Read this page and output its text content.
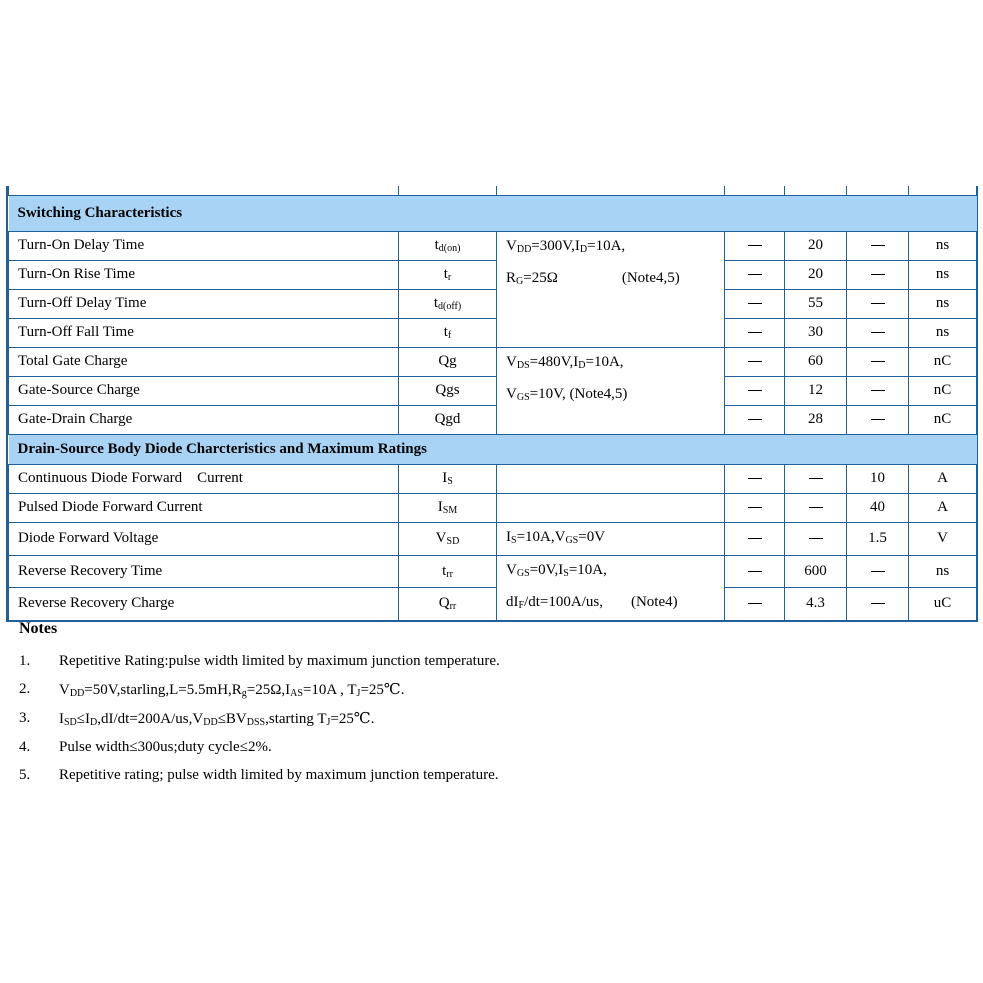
Switching Characteristics						
Turn-On Delay Time	$t_{d(on)}$	$V_{DD}=300V,I_D=10A$,
$R_G=25\Omega$ (Note4,5)		20		ns
Turn-On Rise Time	$t_r$			20		ns
Turn-Off Delay Time	$t_{d(off)}$			55		ns
Turn-Off Fall Time	$t_f$			30		ns
Total Gate Charge	Qg	$V_{DS}=480V,I_D=10A$,
$V_{GS}=10V$, (Note4,5)		60		nC
Gate-Source Charge	Qgs			12		nC
Gate-Drain Charge	Qgd			28		nC
Drain-Source Body Diode Charcteristics and Maximum Ratings						
Continuous Diode Forward    Current	$I_S$				10	A
Pulsed Diode Forward Current	$I_{SM}$				40	A
Diode Forward Voltage	$V_{SD}$	$I_S=10A,V_{GS}=0V$			1.5	V
Reverse Recovery Time	$t_{rr}$	$V_{GS}=0V,I_S=10A$,
$dI_F/dt=100A/us$, (Note4)		600		ns
Reverse Recovery Charge	$Q_{rr}$			4.3		uC
Notes
1.	Repetitive Rating:pulse width limited by maximum junction temperature.
2.	$V_{DD}=50V,starling,L=5.5mH,R_g=25\Omega,I_{AS}=10A$ , $T_J=25℃$.
3.	$I_{SD}\le I_D,dI/dt=200A/us,V_{DD}\le BV_{DSS},starting$ $T_J=25℃$.
4.	Pulse width≤300us;duty cycle≤2%.
5.	Repetitive rating; pulse width limited by maximum junction temperature.
